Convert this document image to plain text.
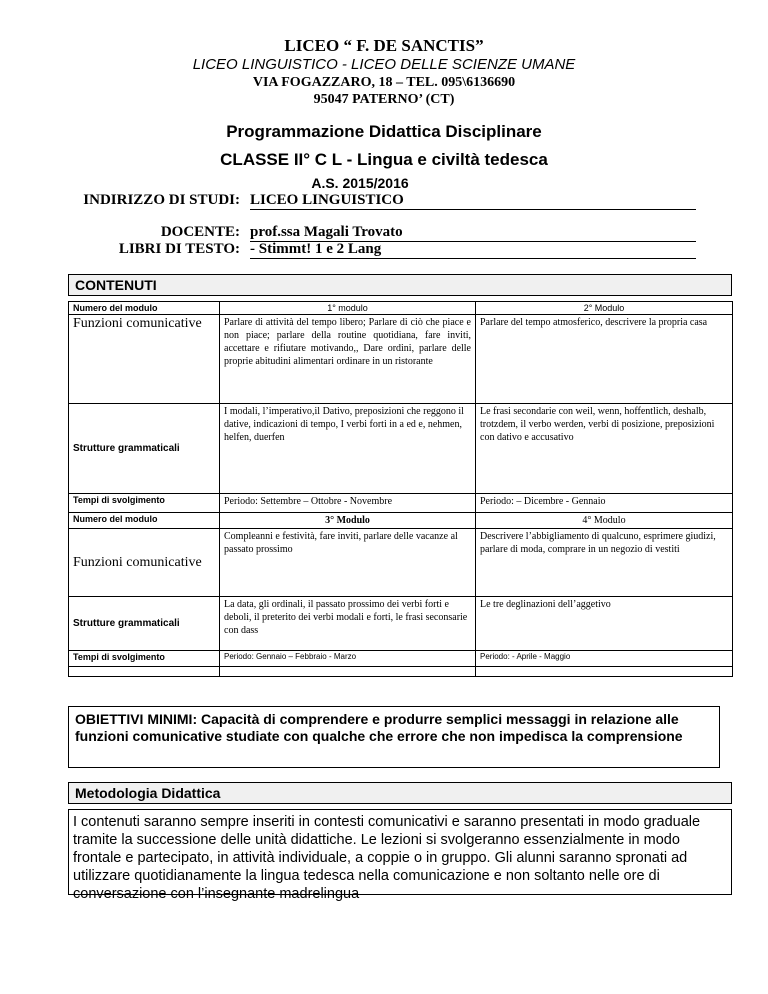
LICEO “ F. DE SANCTIS”
LICEO LINGUISTICO - LICEO DELLE SCIENZE UMANE
VIA FOGAZZARO, 18 – TEL. 095\6136690
95047 PATERNO’ (CT)
Programmazione Didattica Disciplinare
CLASSE II° C L - Lingua e civiltà tedesca
A.S. 2015/2016
INDIRIZZO DI STUDI: LICEO LINGUISTICO
DOCENTE: prof.ssa Magali Trovato
LIBRI DI TESTO: - Stimmt! 1 e 2 Lang
CONTENUTI
Numero del modulo	1° modulo	2° Modulo
Funzioni comunicative	Parlare di attività del tempo libero; Parlare di ciò che piace e non piace; parlare della routine quotidiana, fare inviti, accettare e rifiutare motivando,, Dare ordini, parlare delle proprie abitudini alimentari ordinare in un ristorante	Parlare del tempo atmosferico, descrivere la propria casa
Strutture grammaticali	I modali, l’imperativo,il Dativo, preposizioni che reggono il dative, indicazioni di tempo, I verbi forti in a ed e, nehmen, helfen, duerfen	Le frasi secondarie con weil, wenn, hoffentlich, deshalb, trotzdem, il verbo werden, verbi di posizione, preposizioni con dativo e accusativo
Tempi di svolgimento	Periodo: Settembre – Ottobre - Novembre	Periodo: – Dicembre - Gennaio
Numero del modulo	3° Modulo	4° Modulo
Funzioni comunicative	Compleanni e festività, fare inviti, parlare delle vacanze al passato prossimo	Descrivere l’abbigliamento di qualcuno, esprimere giudizi, parlare di moda, comprare in un negozio di vestiti
Strutture grammaticali	La data, gli ordinali, il passato prossimo dei verbi forti e deboli, il preterito dei verbi modali e forti, le frasi seconsarie con dass	Le tre deglinazioni dell’aggetivo
Tempi di svolgimento	Periodo: Gennaio – Febbraio - Marzo	Periodo: - Aprile - Maggio

OBIETTIVI MINIMI: Capacità di comprendere e produrre semplici messaggi in relazione alle funzioni comunicative studiate con qualche che errore che non impedisca la comprensione
Metodologia Didattica
I contenuti saranno sempre inseriti in contesti comunicativi e saranno presentati in modo graduale tramite la successione delle unità didattiche. Le lezioni si svolgeranno essenzialmente in modo frontale e partecipato, in attività individuale, a coppie o in gruppo. Gli alunni saranno spronati ad utilizzare quotidianamente la lingua tedesca nella comunicazione e non soltanto nelle ore di conversazione con l’insegnante madrelingua
